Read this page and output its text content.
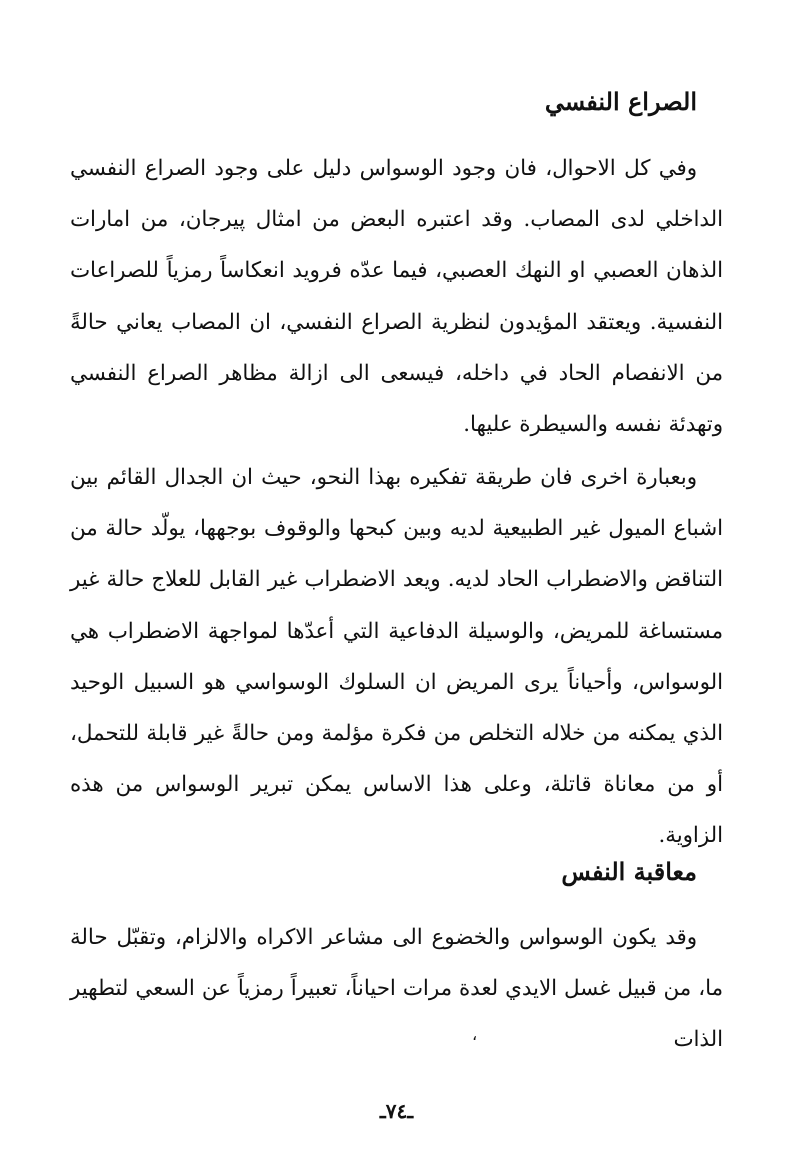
الصراع النفسي

وفي كل الاحوال، فان وجود الوسواس دليل على وجود الصراع النفسي الداخلي لدى المصاب. وقد اعتبره البعض من امثال پيرجان، من امارات الذهان العصبي او النهك العصبي، فيما عدّه فرويد انعكاساً رمزياً للصراعات النفسية. ويعتقد المؤيدون لنظرية الصراع النفسي، ان المصاب يعاني حالةً من الانفصام الحاد في داخله، فيسعى الى ازالة مظاهر الصراع النفسي وتهدئة نفسه والسيطرة عليها.

وبعبارة اخرى فان طريقة تفكيره بهذا النحو، حيث ان الجدال القائم بين اشباع الميول غير الطبيعية لديه وبين كبحها والوقوف بوجهها، يولّد حالة من التناقض والاضطراب الحاد لديه. ويعد الاضطراب غير القابل للعلاج حالة غير مستساغة للمريض، والوسيلة الدفاعية التي أعدّها لمواجهة الاضطراب هي الوسواس، وأحياناً يرى المريض ان السلوك الوسواسي هو السبيل الوحيد الذي يمكنه من خلاله التخلص من فكرة مؤلمة ومن حالةً غير قابلة للتحمل، أو من معاناة قاتلة، وعلى هذا الاساس يمكن تبرير الوسواس من هذه الزاوية.

معاقبة النفس

وقد يكون الوسواس والخضوع الى مشاعر الاكراه والالزام، وتقبّل حالة ما، من قبيل غسل الايدي لعدة مرات احياناً، تعبيراً رمزياً عن السعي لتطهير الذات

،

ـ٧٤ـ
